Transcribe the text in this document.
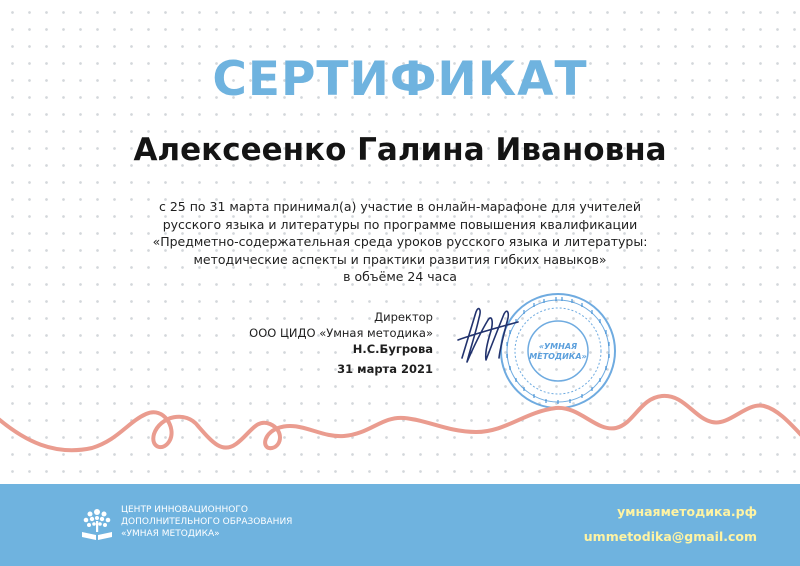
СЕРТИФИКАТ
Алексеенко Галина Ивановна
с 25 по 31 марта принимал(а) участие в онлайн-марафоне для учителей
русского языка и литературы по программе повышения квалификации
«Предметно-содержательная среда уроков русского языка и литературы:
методические аспекты и практики развития гибких навыков»
в объёме 24 часа
Директор
ООО ЦИДО «Умная методика»
Н.С.Бугрова
31 марта 2021
«УМНАЯ
МЕТОДИКА»
ЦЕНТР ИННОВАЦИОННОГО
ДОПОЛНИТЕЛЬНОГО ОБРАЗОВАНИЯ
«УМНАЯ МЕТОДИКА»
умнаяметодика.рф
ummetodika@gmail.com
